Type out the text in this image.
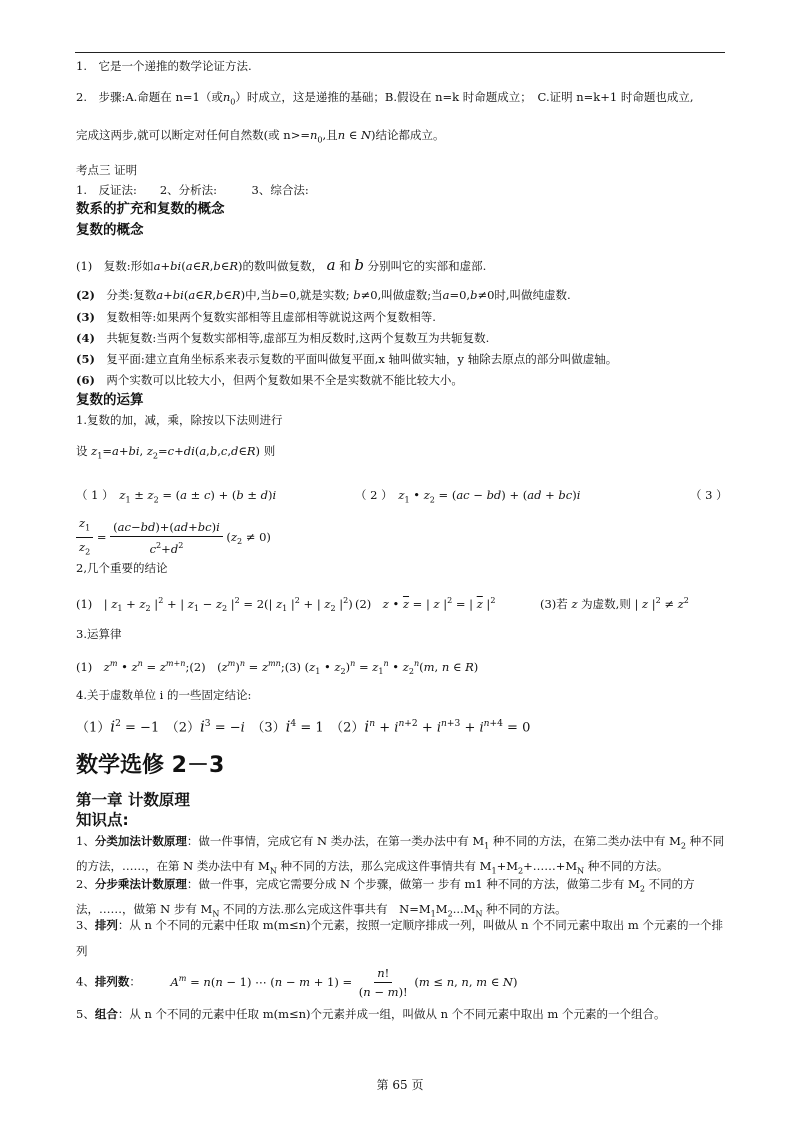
1.　它是一个递推的数学论证方法.
2.　步骤:A.命题在 n=1（或$n_0$）时成立，这是递推的基础；B.假设在 n=k 时命题成立；　C.证明 n=k+1 时命题也成立,
完成这两步,就可以断定对任何自然数(或 $n>=n_0$,且n ∈ N)结论都成立。
考点三 证明
1.　反证法:　　2、分析法:　　　3、综合法:
数系的扩充和复数的概念
复数的概念
(1)　复数:形如a+bi(a∈R,b∈R)的数叫做复数， a 和 b 分别叫它的实部和虚部.
(2)　 分类:复数a+bi(a∈R,b∈R)中,当b=0,就是实数; b≠0,叫做虚数;当a=0,b≠0时,叫做纯虚数.
(3)　 复数相等:如果两个复数实部相等且虚部相等就说这两个复数相等.
(4)　 共轭复数:当两个复数实部相等,虚部互为相反数时,这两个复数互为共轭复数.
(5)　 复平面:建立直角坐标系来表示复数的平面叫做复平面,x 轴叫做实轴，y 轴除去原点的部分叫做虚轴。
(6)　 两个实数可以比较大小，但两个复数如果不全是实数就不能比较大小。
复数的运算
1.复数的加，减，乘，除按以下法则进行
设 $z_1=a+bi$, $z_2=c+di(a,b,c,d\in R)$ 则
（ 1 ）　$z_1 \pm z_2 = (a \pm c) + (b \pm d)i$	（ 2 ）　$z_1$ • $z_2 = (ac - bd) + (ad + bc)i$	（ 3 ）
$\frac{z_1}{z_2} = \frac{(ac-bd)+(ad+bc)i}{c^2+d^2} (z_2 \ne 0)$
2,几个重要的结论
(1)　| $z_1 + z_2$ $|^2$ + | $z_1 - z_2$ $|^2 = 2(|$ $z_1$ $|^2$ + | $z_2$ $|^2$) (2)　z • $\overline{z}$ = | z $|^2$ = | $\overline{z}$ $|^2$	(3)若 z 为虚数,则 | z $|^2 \ne z^2$
3.运算律
(1)　$z^m$ • $z^n$ = $z^{m+n};(2)$　$(z^m)^n$ = $z^{mn};(3)$ ($z_1$ • $z_2)^n = z_1^n$ • $z_2^n(m$, n ∈ R)
4.关于虚数单位 i 的一些固定结论:
$(1)i^2 = -1$　$(2)i^3 = -i$　$(3)i^4 = 1$　$(2)i^n + i^{n+2} + i^{n+3} + i^{n+4} = 0$
数学选修 2－3
第一章 计数原理
知识点:
1、分类加法计数原理：做一件事情，完成它有 N 类办法，在第一类办法中有 $M_1$ 种不同的方法，在第二类办法中有 $M_2$ 种不同的方法，……，在第 N 类办法中有 $M_N$ 种不同的方法，那么完成这件事情共有 $M_1+M_2+\dots\dots+M_N$ 种不同的方法。
2、分步乘法计数原理：做一件事，完成它需要分成 N 个步骤，做第一 步有 m1 种不同的方法，做第二步有 $M_2$ 不同的方法，……，做第 N 步有 $M_N$ 不同的方法.那么完成这件事共有　$N=M_1M_2...M_N$ 种不同的方法。
3、排列：从 n 个不同的元素中任取 m(m≤n)个元素，按照一定顺序排成一列，叫做从 n 个不同元素中取出 m 个元素的一个排列
4、排列数：	$A^m = n(n - 1)$ ⋯ $(n - m + 1) = \frac{n!}{(n - m)!} (m \le n$, n, m ∈ N)
5、组合：从 n 个不同的元素中任取 m(m≤n)个元素并成一组，叫做从 n 个不同元素中取出 m 个元素的一个组合。
第 65 页
